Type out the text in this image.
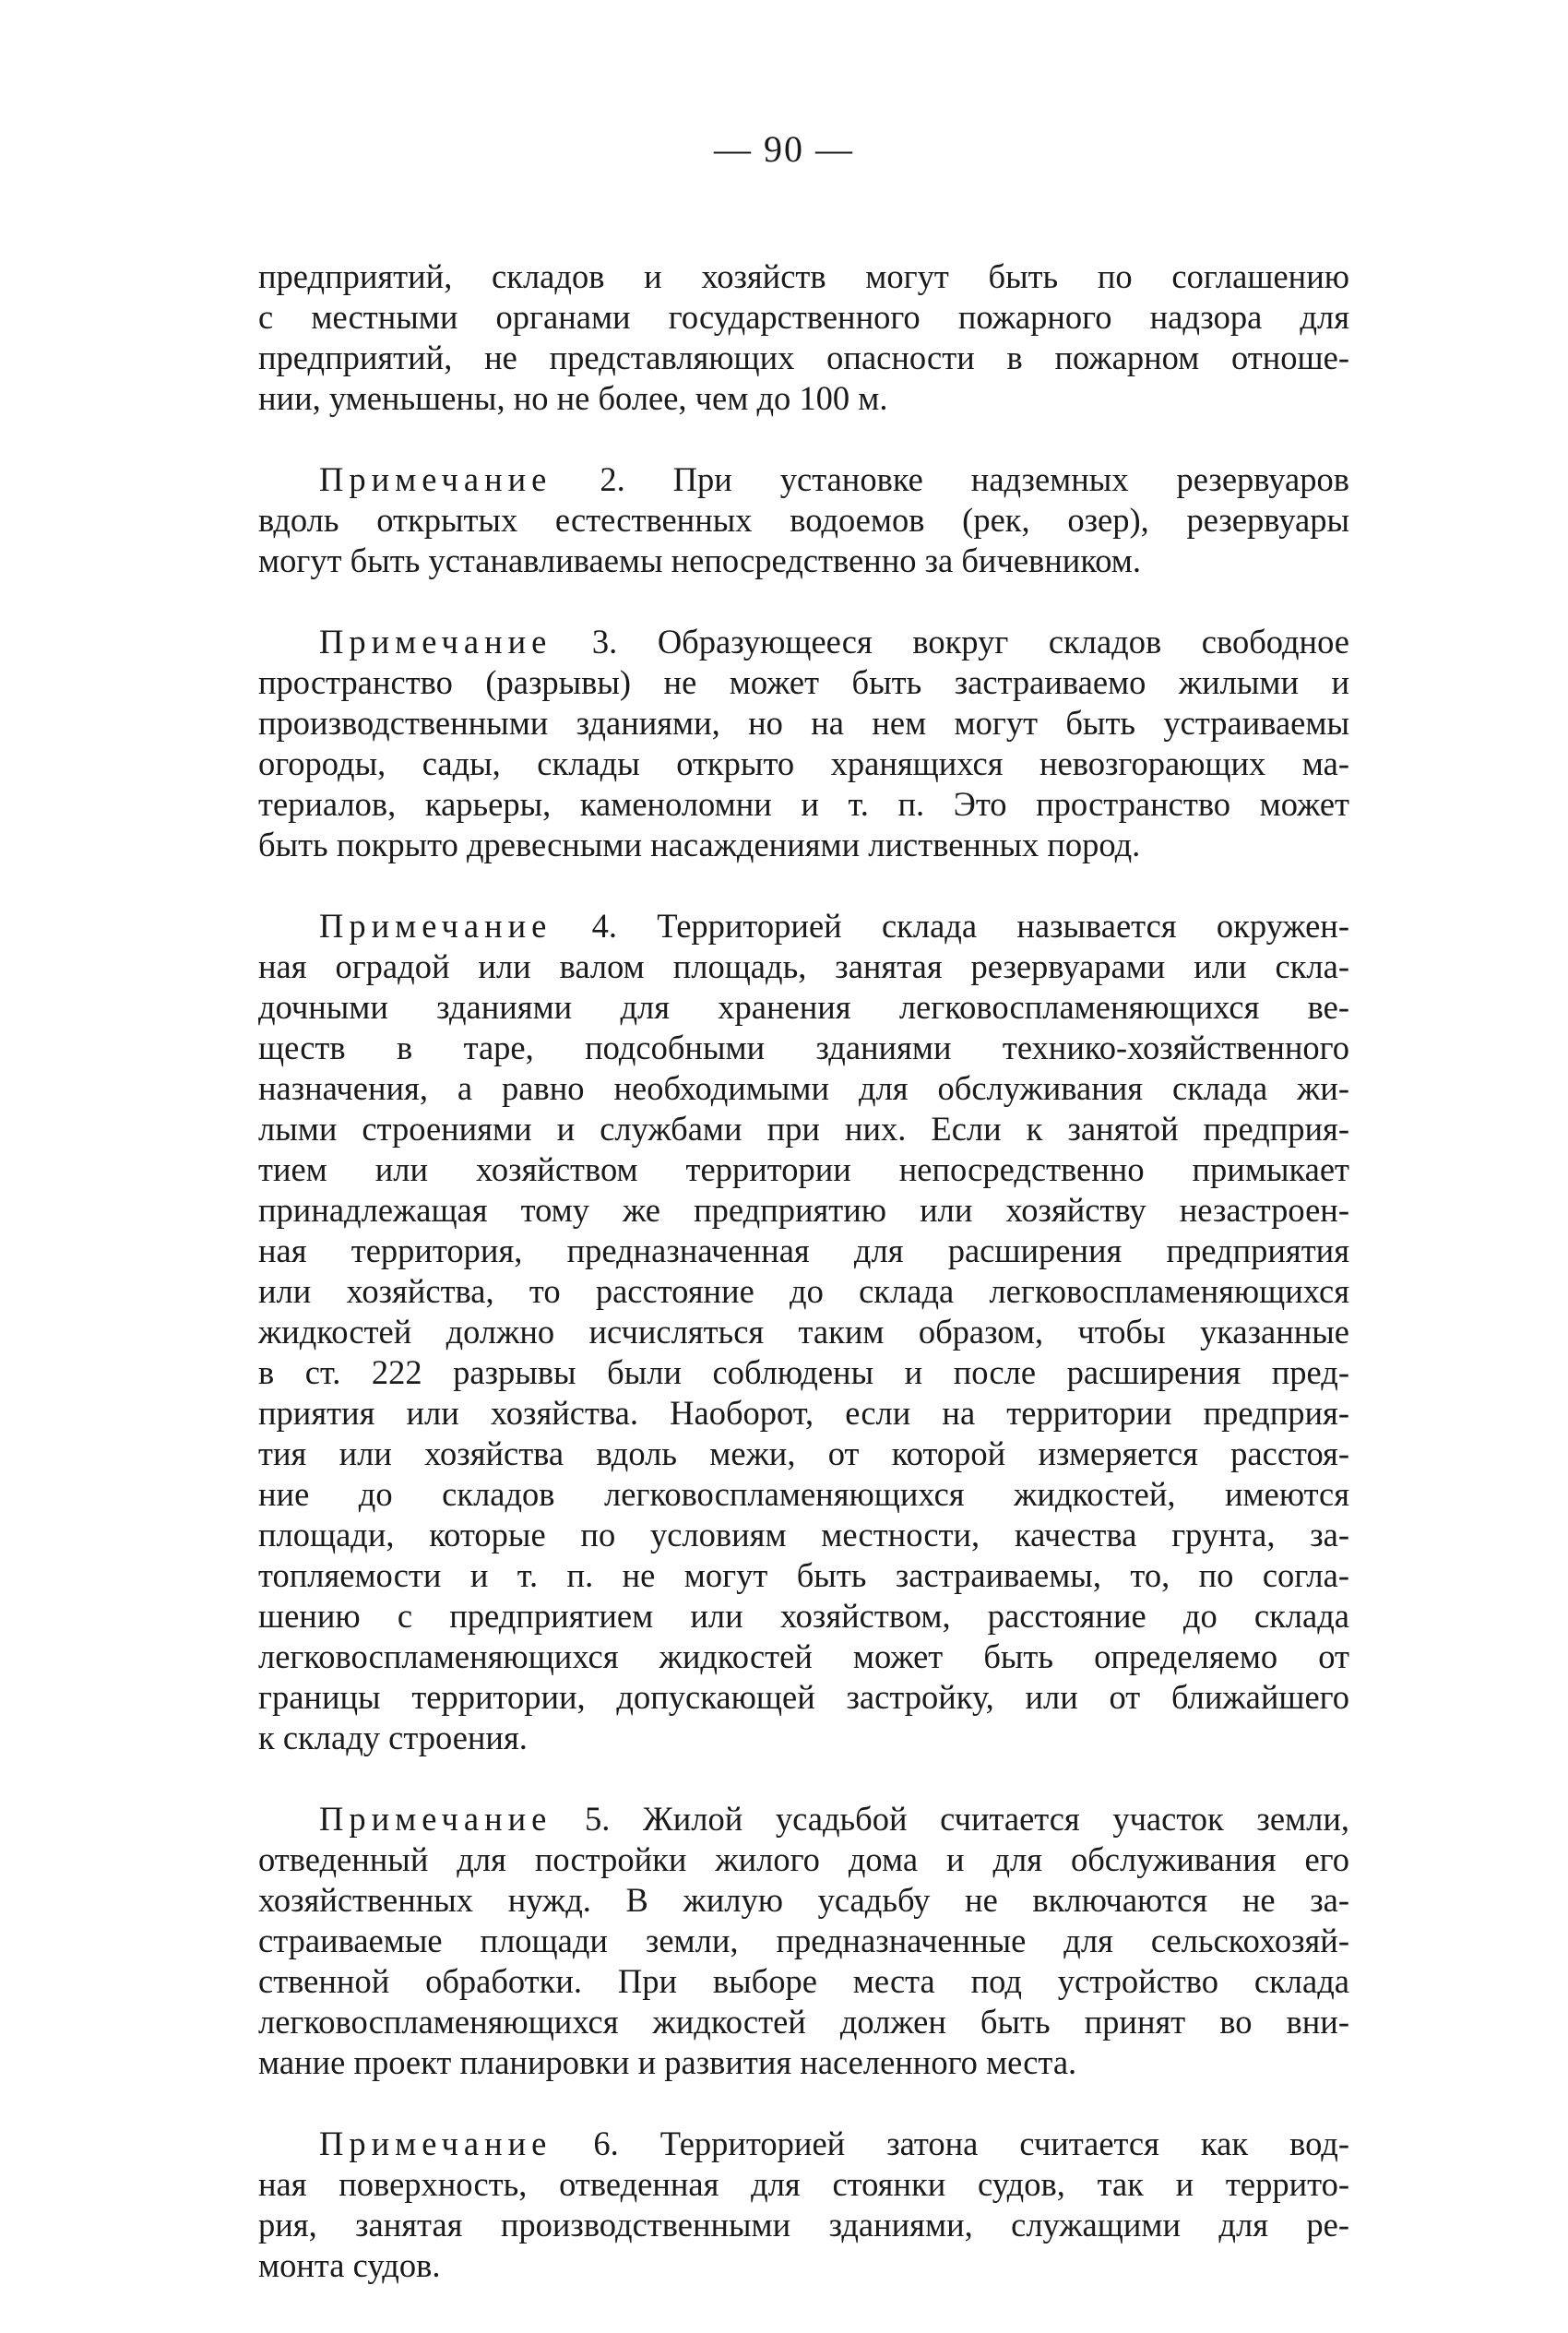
— 90 —

предприятий, складов и хозяйств могут быть по соглашению
с местными органами государственного пожарного надзора для
предприятий, не представляющих опасности в пожарном отноше-
нии, уменьшены, но не более, чем до 100 м.

Примечание 2. При установке надземных резервуаров
вдоль открытых естественных водоемов (рек, озер), резервуары
могут быть устанавливаемы непосредственно за бичевником.

Примечание 3. Образующееся вокруг складов свободное
пространство (разрывы) не может быть застраиваемо жилыми и
производственными зданиями, но на нем могут быть устраиваемы
огороды, сады, склады открыто хранящихся невозгорающих ма-
териалов, карьеры, каменоломни и т. п. Это пространство может
быть покрыто древесными насаждениями лиственных пород.

Примечание 4. Территорией склада называется окружен-
ная оградой или валом площадь, занятая резервуарами или скла-
дочными зданиями для хранения легковоспламеняющихся ве-
ществ в таре, подсобными зданиями технико-хозяйственного
назначения, а равно необходимыми для обслуживания склада жи-
лыми строениями и службами при них. Если к занятой предприя-
тием или хозяйством территории непосредственно примыкает
принадлежащая тому же предприятию или хозяйству незастроен-
ная территория, предназначенная для расширения предприятия
или хозяйства, то расстояние до склада легковоспламеняющихся
жидкостей должно исчисляться таким образом, чтобы указанные
в ст. 222 разрывы были соблюдены и после расширения пред-
приятия или хозяйства. Наоборот, если на территории предприя-
тия или хозяйства вдоль межи, от которой измеряется расстоя-
ние до складов легковоспламеняющихся жидкостей, имеются
площади, которые по условиям местности, качества грунта, за-
топляемости и т. п. не могут быть застраиваемы, то, по согла-
шению с предприятием или хозяйством, расстояние до склада
легковоспламеняющихся жидкостей может быть определяемо от
границы территории, допускающей застройку, или от ближайшего
к складу строения.

Примечание 5. Жилой усадьбой считается участок земли,
отведенный для постройки жилого дома и для обслуживания его
хозяйственных нужд. В жилую усадьбу не включаются не за-
страиваемые площади земли, предназначенные для сельскохозяй-
ственной обработки. При выборе места под устройство склада
легковоспламеняющихся жидкостей должен быть принят во вни-
мание проект планировки и развития населенного места.

Примечание 6. Территорией затона считается как вод-
ная поверхность, отведенная для стоянки судов, так и террито-
рия, занятая производственными зданиями, служащими для ре-
монта судов.
